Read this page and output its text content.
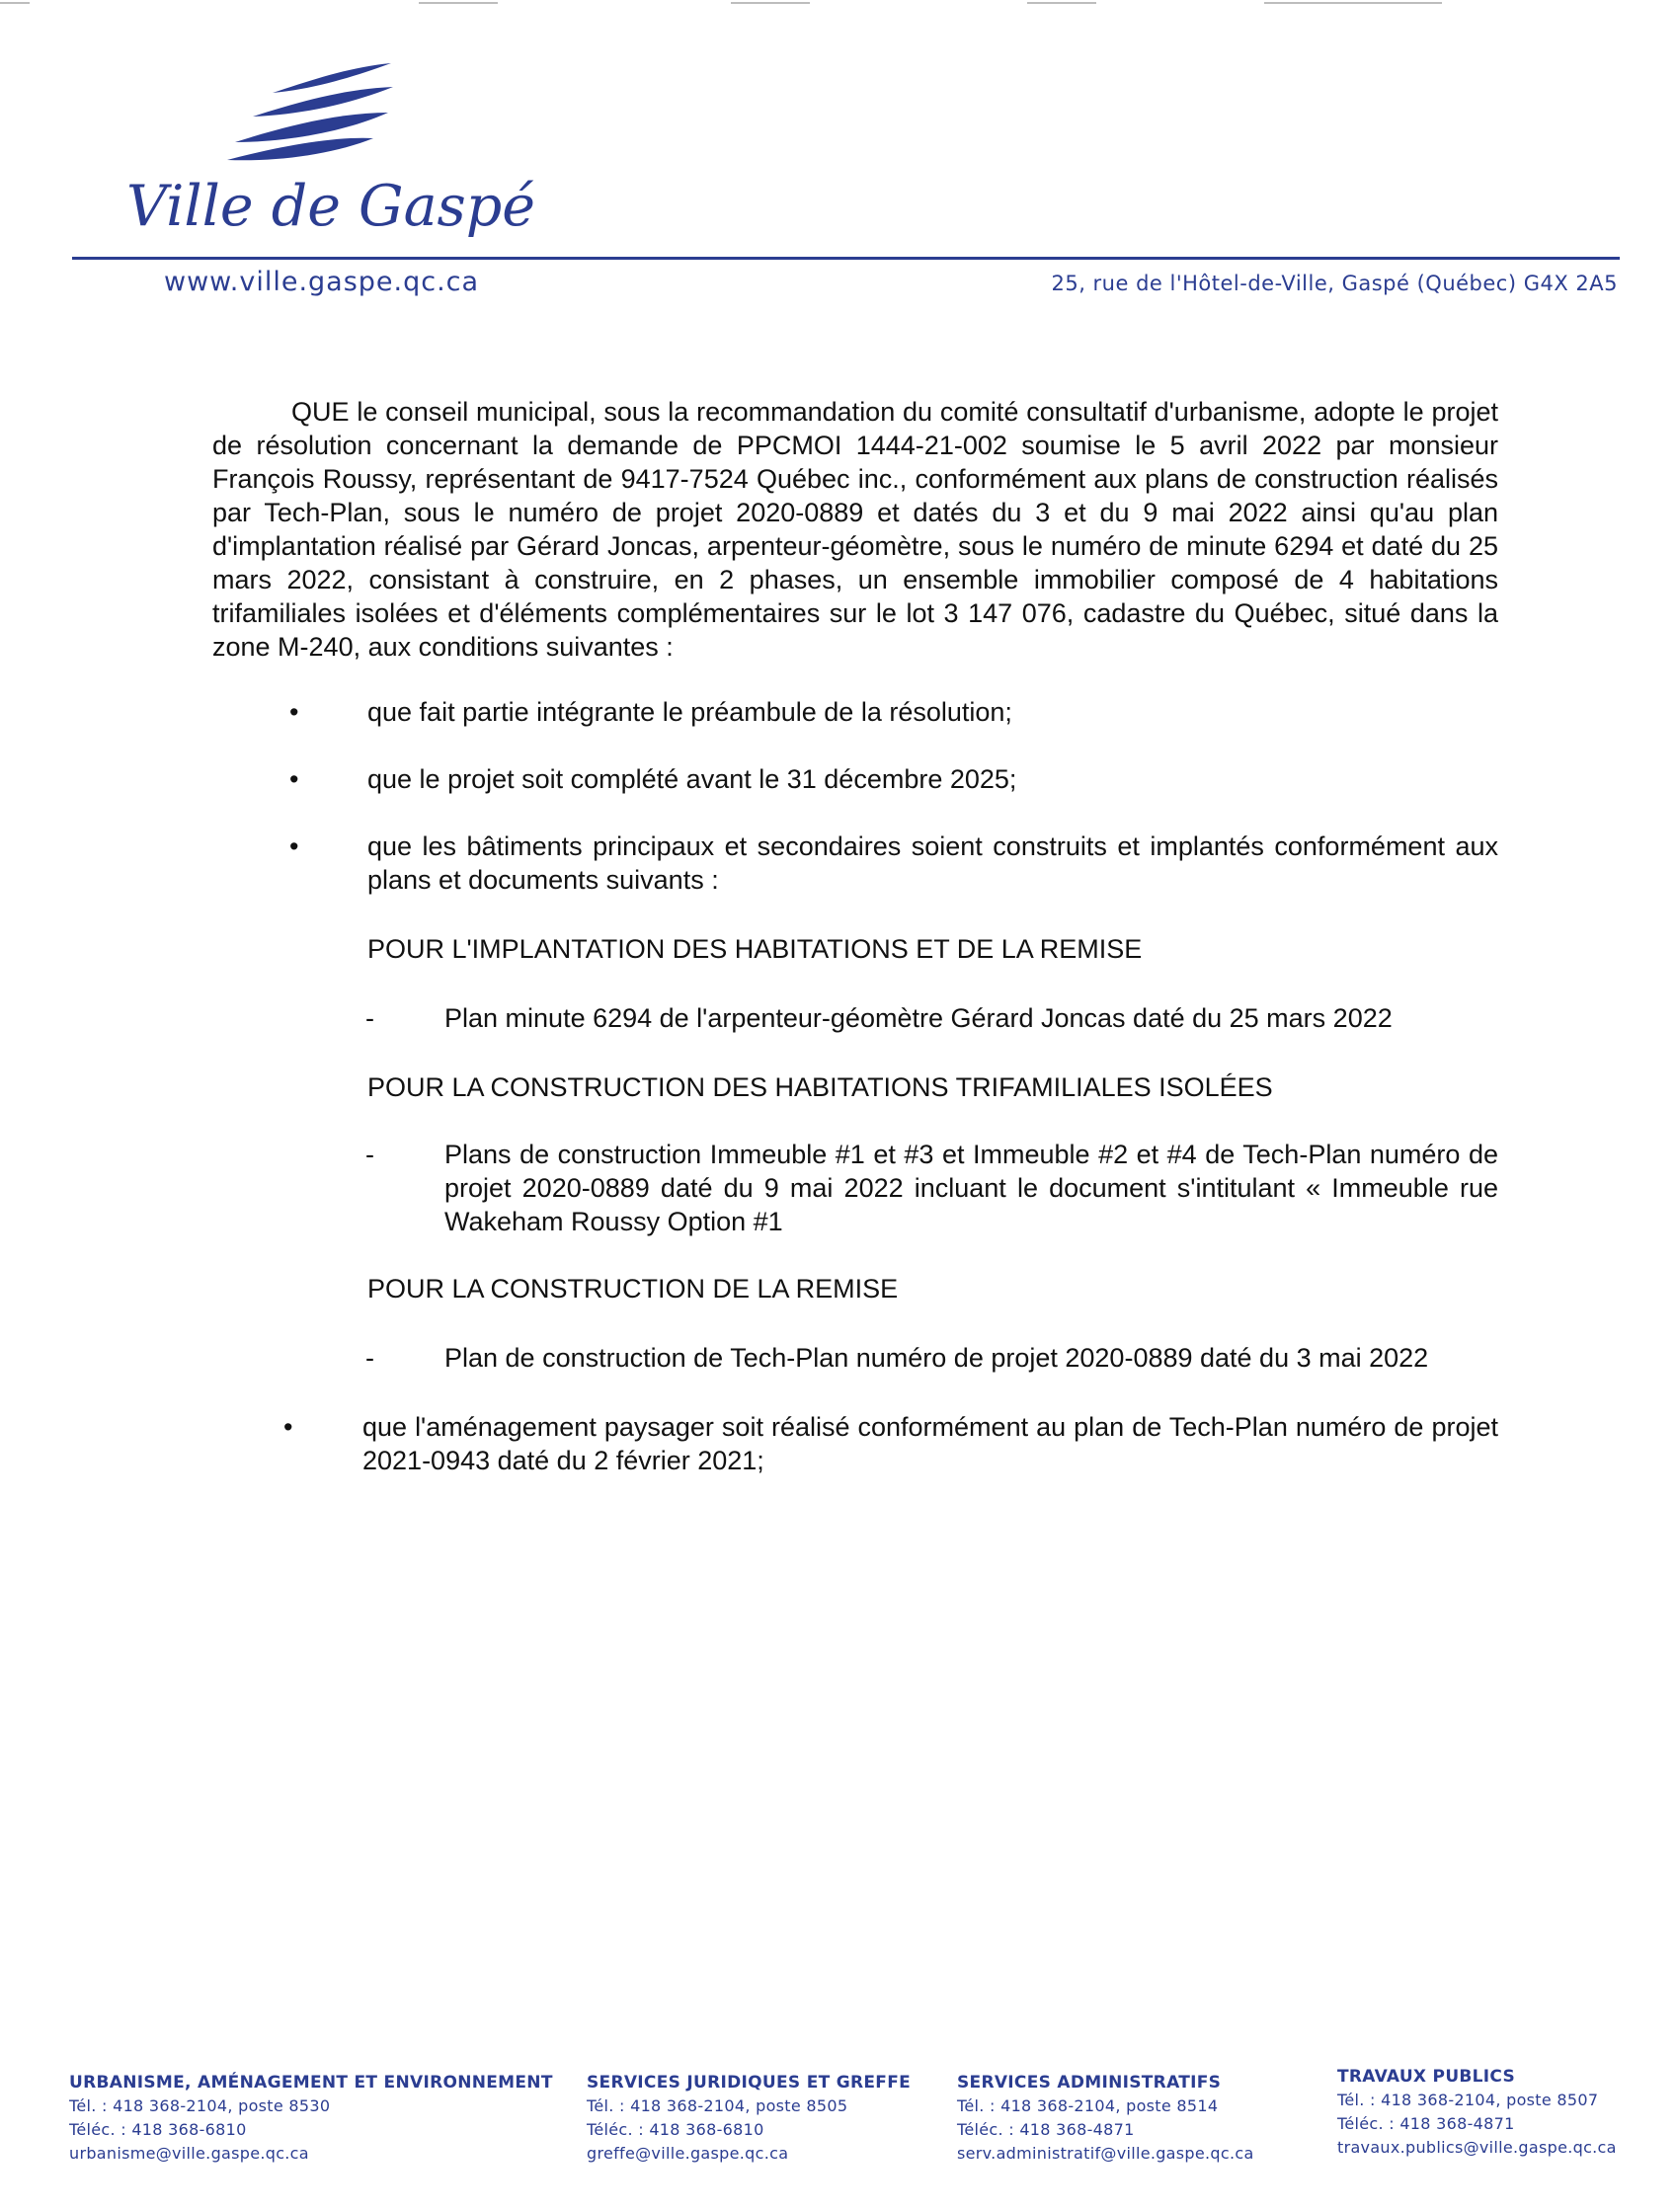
Ville de Gaspé
www.ville.gaspe.qc.ca	25, rue de l'Hôtel-de-Ville, Gaspé (Québec) G4X 2A5

QUE le conseil municipal, sous la recommandation du comité consultatif d'urbanisme, adopte le projet de résolution concernant la demande de PPCMOI 1444-21-002 soumise le 5 avril 2022 par monsieur François Roussy, représentant de 9417-7524 Québec inc., conformément aux plans de construction réalisés par Tech-Plan, sous le numéro de projet 2020-0889 et datés du 3 et du 9 mai 2022 ainsi qu'au plan d'implantation réalisé par Gérard Joncas, arpenteur-géomètre, sous le numéro de minute 6294 et daté du 25 mars 2022, consistant à construire, en 2 phases, un ensemble immobilier composé de 4 habitations trifamiliales isolées et d'éléments complémentaires sur le lot 3 147 076, cadastre du Québec, situé dans la zone M-240, aux conditions suivantes :

•	que fait partie intégrante le préambule de la résolution;

•	que le projet soit complété avant le 31 décembre 2025;

•	que les bâtiments principaux et secondaires soient construits et implantés conformément aux plans et documents suivants :

POUR L'IMPLANTATION DES HABITATIONS ET DE LA REMISE

-	Plan minute 6294 de l'arpenteur-géomètre Gérard Joncas daté du 25 mars 2022

POUR LA CONSTRUCTION DES HABITATIONS TRIFAMILIALES ISOLÉES

-	Plans de construction Immeuble #1 et #3 et Immeuble #2 et #4 de Tech-Plan numéro de projet 2020-0889 daté du 9 mai 2022 incluant le document s'intitulant « Immeuble rue Wakeham Roussy Option #1

POUR LA CONSTRUCTION DE LA REMISE

-	Plan de construction de Tech-Plan numéro de projet 2020-0889 daté du 3 mai 2022

•	que l'aménagement paysager soit réalisé conformément au plan de Tech-Plan numéro de projet 2021-0943 daté du 2 février 2021;

URBANISME, AMÉNAGEMENT ET ENVIRONNEMENT
Tél. : 418 368-2104, poste 8530
Téléc. : 418 368-6810
urbanisme@ville.gaspe.qc.ca
SERVICES JURIDIQUES ET GREFFE
Tél. : 418 368-2104, poste 8505
Téléc. : 418 368-6810
greffe@ville.gaspe.qc.ca
SERVICES ADMINISTRATIFS
Tél. : 418 368-2104, poste 8514
Téléc. : 418 368-4871
serv.administratif@ville.gaspe.qc.ca
TRAVAUX PUBLICS
Tél. : 418 368-2104, poste 8507
Téléc. : 418 368-4871
travaux.publics@ville.gaspe.qc.ca
